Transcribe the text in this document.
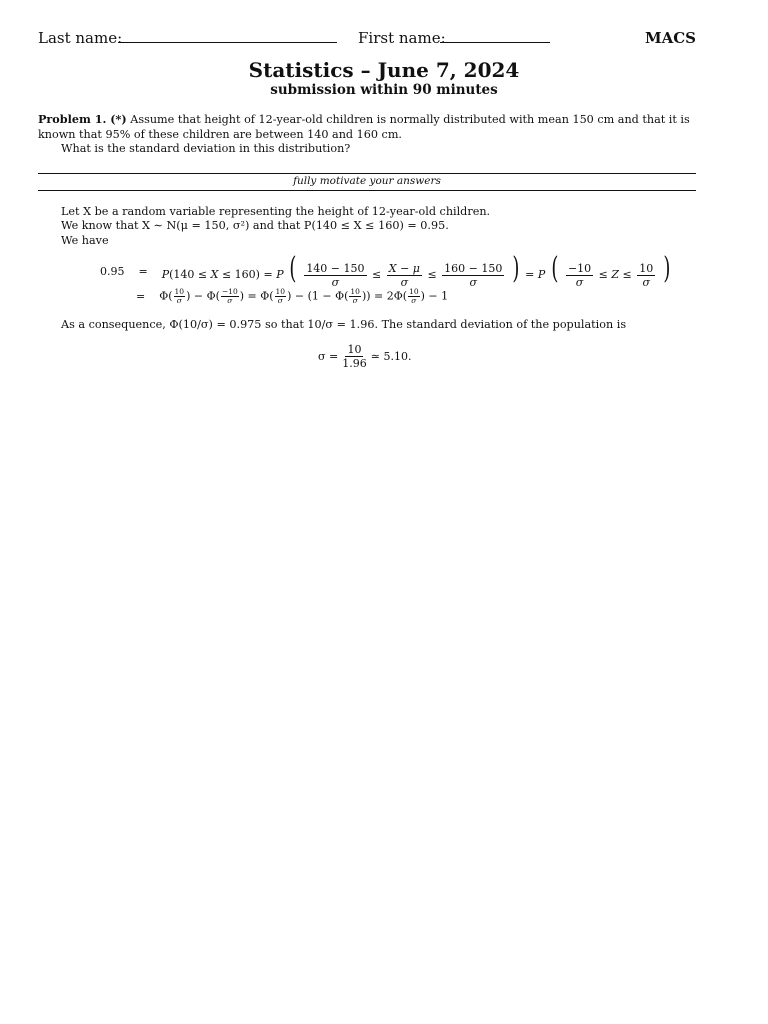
Last name:	First name:	MACS
Statistics – June 7, 2024
submission within 90 minutes
Problem 1. (*) Assume that height of 12-year-old children is normally distributed with mean 150 cm and that it is known that 95% of these children are between 140 and 160 cm.
What is the standard deviation in this distribution?
fully motivate your answers
Let X be a random variable representing the height of 12-year-old children.
We know that X ∼ N(μ = 150, σ²) and that P(140 ≤ X ≤ 160) = 0.95.
We have
0.95 = P(140 ≤ X ≤ 160) = P ( $\frac{140 - 150}{\sigma} \le \frac{X - \mu}{\sigma} \le \frac{160 - 150}{\sigma}$ ) = P ( $\frac{-10}{\sigma} \le Z \le \frac{10}{\sigma}$ )
= $\Phi( \frac{10}{\sigma}$ ) − $\Phi( \frac{-10}{\sigma}$ ) = $\Phi( \frac{10}{\sigma}$ ) − ($1 - \Phi( \frac{10}{\sigma}$ )) = $2\Phi( \frac{10}{\sigma}$ ) − 1
As a consequence, Φ(10/σ) = 0.975 so that 10/σ = 1.96. The standard deviation of the population is
$\sigma = \frac{10}{1.96}$ ≃ 5.10.
